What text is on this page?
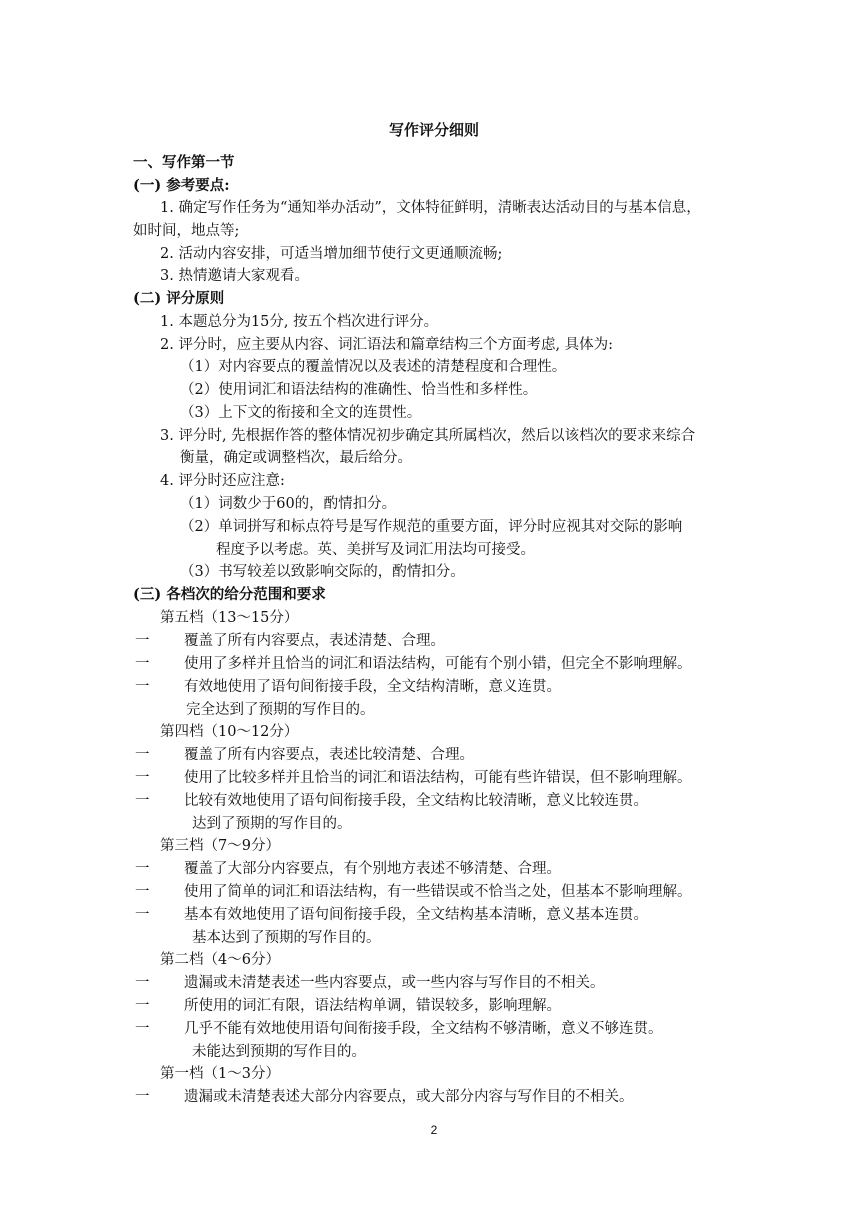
写作评分细则
一、写作第一节
(一) 参考要点:
1. 确定写作任务为“通知举办活动”，文体特征鲜明，清晰表达活动目的与基本信息，
如时间，地点等;
2. 活动内容安排，可适当增加细节使行文更通顺流畅;
3. 热情邀请大家观看。
(二) 评分原则
1. 本题总分为15分, 按五个档次进行评分。
2. 评分时，应主要从内容、词汇语法和篇章结构三个方面考虑, 具体为:
（1）对内容要点的覆盖情况以及表述的清楚程度和合理性。
（2）使用词汇和语法结构的准确性、恰当性和多样性。
（3）上下文的衔接和全文的连贯性。
3. 评分时, 先根据作答的整体情况初步确定其所属档次，然后以该档次的要求来综合
衡量，确定或调整档次，最后给分。
4. 评分时还应注意:
（1）词数少于60的，酌情扣分。
（2）单词拼写和标点符号是写作规范的重要方面，评分时应视其对交际的影响
程度予以考虑。英、美拼写及词汇用法均可接受。
（3）书写较差以致影响交际的，酌情扣分。
(三) 各档次的给分范围和要求
第五档（13～15分）
一 覆盖了所有内容要点，表述清楚、合理。
一 使用了多样并且恰当的词汇和语法结构，可能有个别小错，但完全不影响理解。
一 有效地使用了语句间衔接手段，全文结构清晰，意义连贯。
完全达到了预期的写作目的。
第四档（10～12分）
一 覆盖了所有内容要点，表述比较清楚、合理。
一 使用了比较多样并且恰当的词汇和语法结构，可能有些许错误，但不影响理解。
一 比较有效地使用了语句间衔接手段，全文结构比较清晰，意义比较连贯。
达到了预期的写作目的。
第三档（7～9分）
一 覆盖了大部分内容要点，有个别地方表述不够清楚、合理。
一 使用了简单的词汇和语法结构，有一些错误或不恰当之处，但基本不影响理解。
一 基本有效地使用了语句间衔接手段，全文结构基本清晰，意义基本连贯。
基本达到了预期的写作目的。
第二档（4～6分）
一 遗漏或未清楚表述一些内容要点，或一些内容与写作目的不相关。
一 所使用的词汇有限，语法结构单调，错误较多，影响理解。
一 几乎不能有效地使用语句间衔接手段，全文结构不够清晰，意义不够连贯。
未能达到预期的写作目的。
第一档（1～3分）
一 遗漏或未清楚表述大部分内容要点，或大部分内容与写作目的不相关。
2
